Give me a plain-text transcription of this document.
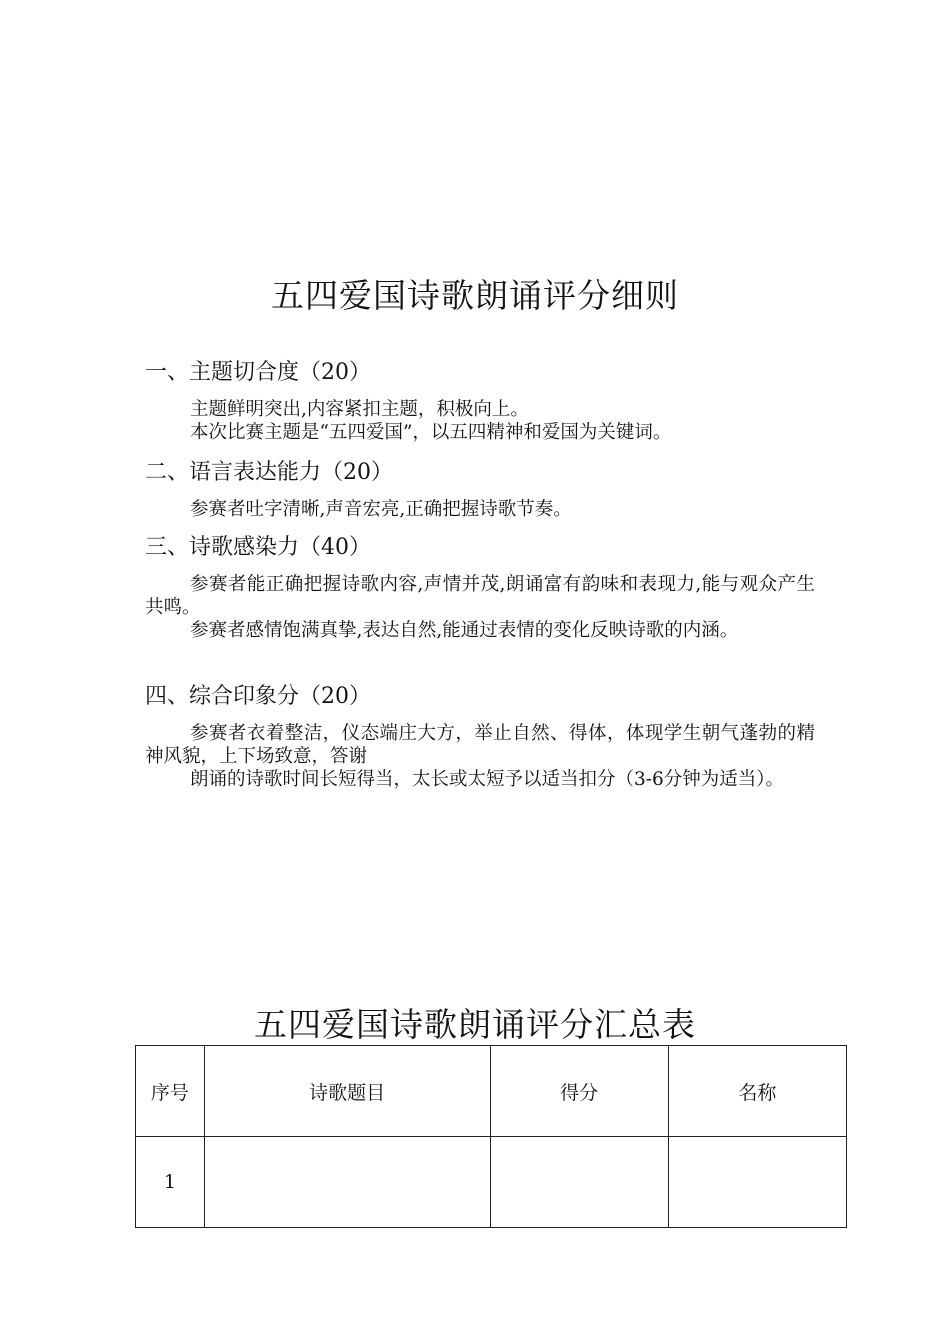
五四爱国诗歌朗诵评分细则

一、主题切合度（20）

主题鲜明突出,内容紧扣主题，积极向上。

本次比赛主题是“五四爱国”，以五四精神和爱国为关键词。

二、语言表达能力（20）

参赛者吐字清晰,声音宏亮,正确把握诗歌节奏。

三、诗歌感染力（40）

参赛者能正确把握诗歌内容,声情并茂,朗诵富有韵味和表现力,能与观众产生共鸣。

参赛者感情饱满真挚,表达自然,能通过表情的变化反映诗歌的内涵。

四、综合印象分（20）

参赛者衣着整洁，仪态端庄大方，举止自然、得体，体现学生朝气蓬勃的精神风貌，上下场致意，答谢

朗诵的诗歌时间长短得当，太长或太短予以适当扣分（3-6分钟为适当）。

五四爱国诗歌朗诵评分汇总表
序号	诗歌题目	得分	名称
1			
